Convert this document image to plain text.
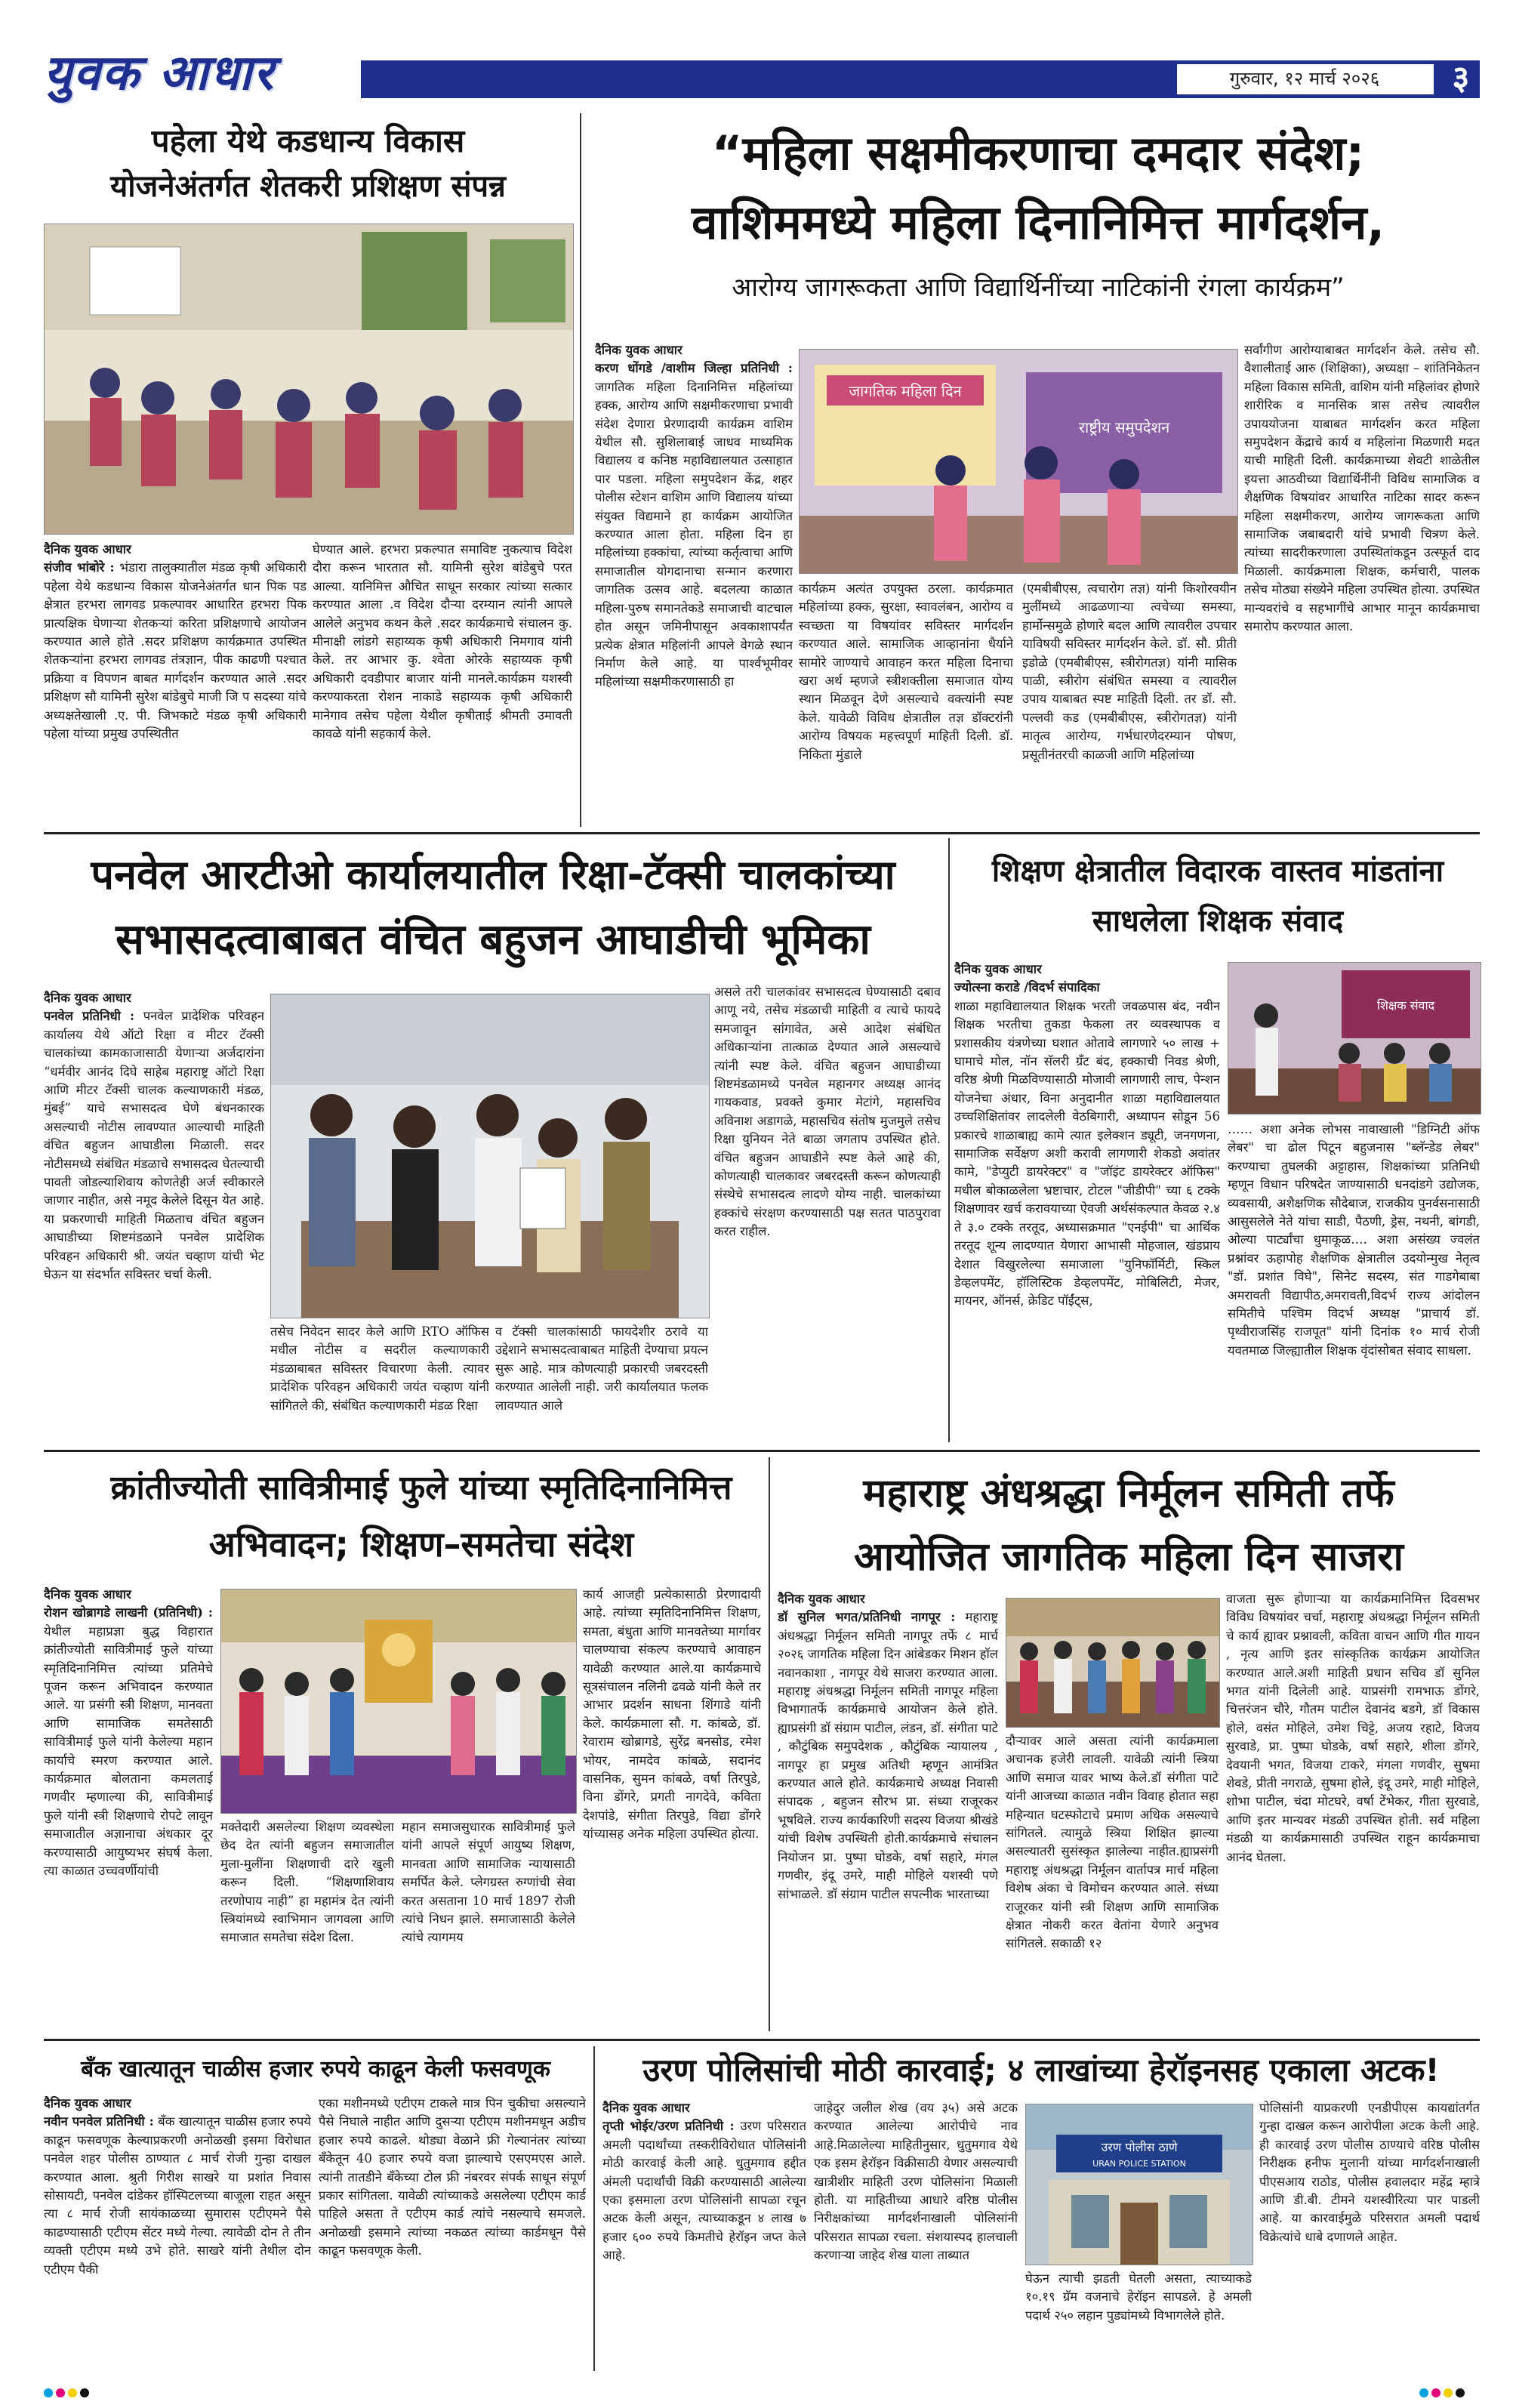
युवक आधार	गुरुवार, १२ मार्च २०२६	३
पहेला येथे कडधान्य विकास
योजनेअंतर्गत शेतकरी प्रशिक्षण संपन्न
दैनिक युवक आधार
संजीव भांबोरे : भंडारा तालुक्यातील मंडळ कृषी अधिकारी पहेला येथे कडधान्य विकास योजनेअंतर्गत धान पिक पड क्षेत्रात हरभरा लागवड प्रकल्पावर आधारित हरभरा पिक प्रात्यक्षिक घेणाऱ्या शेतकऱ्यां करिता प्रशिक्षणाचे आयोजन करण्यात आले होते .सदर प्रशिक्षण कार्यक्रमात उपस्थित शेतकऱ्यांना हरभरा लागवड तंत्रज्ञान, पीक काढणी पश्चात प्रक्रिया व विपणन बाबत मार्गदर्शन करण्यात आले .सदर प्रशिक्षण सौ यामिनी सुरेश बांडेबुचे माजी जि प सदस्या यांचे अध्यक्षतेखाली .ए. पी. जिभकाटे मंडळ कृषी अधिकारी पहेला यांच्या प्रमुख उपस्थितीत
घेण्यात आले. हरभरा प्रकल्पात समाविष्ट नुकत्याच विदेश दौरा करून भारतात सौ. यामिनी सुरेश बांडेबुचे परत आल्या. यानिमित्त औचित साधून सरकार त्यांच्या सत्कार करण्यात आला .व विदेश दौऱ्या दरम्यान त्यांनी आपले आलेले अनुभव कथन केले .सदर कार्यक्रमाचे संचालन कु. मीनाक्षी लांडगे सहाय्यक कृषी अधिकारी निमगाव यांनी केले. तर आभार कु. श्वेता ओरके सहाय्यक कृषी अधिकारी दवडीपार बाजार यांनी मानले.कार्यक्रम यशस्वी करण्याकरता रोशन नाकाडे सहाय्यक कृषी अधिकारी मानेगाव तसेच पहेला येथील कृषीताई श्रीमती उमावती कावळे यांनी सहकार्य केले.
“महिला सक्षमीकरणाचा दमदार संदेश;
वाशिममध्ये महिला दिनानिमित्त मार्गदर्शन,
आरोग्य जागरूकता आणि विद्यार्थिनींच्या नाटिकांनी रंगला कार्यक्रम”
दैनिक युवक आधार
करण धोंगडे /वाशीम जिल्हा प्रतिनिधी : जागतिक महिला दिनानिमित्त महिलांच्या हक्क, आरोग्य आणि सक्षमीकरणाचा प्रभावी संदेश देणारा प्रेरणादायी कार्यक्रम वाशिम येथील सौ. सुशिलाबाई जाधव माध्यमिक विद्यालय व कनिष्ठ महाविद्यालयात उत्साहात पार पडला. महिला समुपदेशन केंद्र, शहर पोलीस स्टेशन वाशिम आणि विद्यालय यांच्या संयुक्त विद्यमाने हा कार्यक्रम आयोजित करण्यात आला होता. महिला दिन हा महिलांच्या हक्कांचा, त्यांच्या कर्तृत्वाचा आणि समाजातील योगदानाचा सन्मान करणारा जागतिक उत्सव आहे. बदलत्या काळात महिला-पुरुष समानतेकडे समाजाची वाटचाल होत असून जमिनीपासून अवकाशापर्यंत प्रत्येक क्षेत्रात महिलांनी आपले वेगळे स्थान निर्माण केले आहे. या पार्श्वभूमीवर महिलांच्या सक्षमीकरणासाठी हा
जागतिक महिला दिन
राष्ट्रीय समुपदेशन
कार्यक्रम अत्यंत उपयुक्त ठरला. कार्यक्रमात महिलांच्या हक्क, सुरक्षा, स्वावलंबन, आरोग्य व स्वच्छता या विषयांवर सविस्तर मार्गदर्शन करण्यात आले. सामाजिक आव्हानांना धैर्याने सामोरे जाण्याचे आवाहन करत महिला दिनाचा खरा अर्थ म्हणजे स्त्रीशक्तीला समाजात योग्य स्थान मिळवून देणे असल्याचे वक्त्यांनी स्पष्ट केले. यावेळी विविध क्षेत्रातील तज्ञ डॉक्टरांनी आरोग्य विषयक महत्त्वपूर्ण माहिती दिली. डॉ. निकिता मुंडाले
(एमबीबीएस, त्वचारोग तज्ञ) यांनी किशोरवयीन मुलींमध्ये आढळणाऱ्या त्वचेच्या समस्या, हार्मोन्समुळे होणारे बदल आणि त्यावरील उपचार याविषयी सविस्तर मार्गदर्शन केले. डॉ. सौ. प्रीती इडोळे (एमबीबीएस, स्त्रीरोगतज्ञ) यांनी मासिक पाळी, स्त्रीरोग संबंधित समस्या व त्यावरील उपाय याबाबत स्पष्ट माहिती दिली. तर डॉ. सौ. पल्लवी कड (एमबीबीएस, स्त्रीरोगतज्ञ) यांनी मातृत्व आरोग्य, गर्भधारणेदरम्यान पोषण, प्रसूतीनंतरची काळजी आणि महिलांच्या
सर्वांगीण आरोग्याबाबत मार्गदर्शन केले. तसेच सौ. वैशालीताई आरु (शिक्षिका), अध्यक्षा – शांतिनिकेतन महिला विकास समिती, वाशिम यांनी महिलांवर होणारे शारीरिक व मानसिक त्रास तसेच त्यावरील उपाययोजना याबाबत मार्गदर्शन करत महिला समुपदेशन केंद्राचे कार्य व महिलांना मिळणारी मदत याची माहिती दिली. कार्यक्रमाच्या शेवटी शाळेतील इयत्ता आठवीच्या विद्यार्थिनींनी विविध सामाजिक व शैक्षणिक विषयांवर आधारित नाटिका सादर करून महिला सक्षमीकरण, आरोग्य जागरूकता आणि सामाजिक जबाबदारी यांचे प्रभावी चित्रण केले. त्यांच्या सादरीकरणाला उपस्थितांकडून उत्स्फूर्त दाद मिळाली. कार्यक्रमाला शिक्षक, कर्मचारी, पालक तसेच मोठ्या संख्येने महिला उपस्थित होत्या. उपस्थित मान्यवरांचे व सहभागींचे आभार मानून कार्यक्रमाचा समारोप करण्यात आला.
पनवेल आरटीओ कार्यालयातील रिक्षा-टॅक्सी चालकांच्या
सभासदत्वाबाबत वंचित बहुजन आघाडीची भूमिका
दैनिक युवक आधार
पनवेल प्रतिनिधी : पनवेल प्रादेशिक परिवहन कार्यालय येथे ऑटो रिक्षा व मीटर टॅक्सी चालकांच्या कामकाजासाठी येणाऱ्या अर्जदारांना “धर्मवीर आनंद दिघे साहेब महाराष्ट्र ऑटो रिक्षा आणि मीटर टॅक्सी चालक कल्याणकारी मंडळ, मुंबई” याचे सभासदत्व घेणे बंधनकारक असल्याची नोटीस लावण्यात आल्याची माहिती वंचित बहुजन आघाडीला मिळाली. सदर नोटीसमध्ये संबंधित मंडळाचे सभासदत्व घेतल्याची पावती जोडल्याशिवाय कोणतेही अर्ज स्वीकारले जाणार नाहीत, असे नमूद केलेले दिसून येत आहे. या प्रकरणाची माहिती मिळताच वंचित बहुजन आघाडीच्या शिष्टमंडळाने पनवेल प्रादेशिक परिवहन अधिकारी श्री. जयंत चव्हाण यांची भेट घेऊन या संदर्भात सविस्तर चर्चा केली.
तसेच निवेदन सादर केले आणि RTO ऑफिस मधील नोटीस व सदरील कल्याणकारी मंडळाबाबत सविस्तर विचारणा केली. त्यावर प्रादेशिक परिवहन अधिकारी जयंत चव्हाण यांनी सांगितले की, संबंधित कल्याणकारी मंडळ रिक्षा
व टॅक्सी चालकांसाठी फायदेशीर ठरावे या उद्देशाने सभासदत्वाबाबत माहिती देण्याचा प्रयत्न सुरू आहे. मात्र कोणत्याही प्रकारची जबरदस्ती करण्यात आलेली नाही. जरी कार्यालयात फलक लावण्यात आले
असले तरी चालकांवर सभासदत्व घेण्यासाठी दबाव आणू नये, तसेच मंडळाची माहिती व त्याचे फायदे समजावून सांगावेत, असे आदेश संबंधित अधिकाऱ्यांना तात्काळ देण्यात आले असल्याचे त्यांनी स्पष्ट केले. वंचित बहुजन आघाडीच्या शिष्टमंडळामध्ये पनवेल महानगर अध्यक्ष आनंद गायकवाड, प्रवक्ते कुमार मेटांगे, महासचिव अविनाश अडागळे, महासचिव संतोष मुजमुले तसेच रिक्षा युनियन नेते बाळा जगताप उपस्थित होते. वंचित बहुजन आघाडीने स्पष्ट केले आहे की, कोणत्याही चालकावर जबरदस्ती करून कोणत्याही संस्थेचे सभासदत्व लादणे योग्य नाही. चालकांच्या हक्कांचे संरक्षण करण्यासाठी पक्ष सतत पाठपुरावा करत राहील.
शिक्षण क्षेत्रातील विदारक वास्तव मांडतांना
साधलेला शिक्षक संवाद
दैनिक युवक आधार
ज्योत्स्ना कराडे /विदर्भ संपादिका
शाळा महाविद्यालयात शिक्षक भरती जवळपास बंद, नवीन शिक्षक भरतीचा तुकडा फेकला तर व्यवस्थापक व प्रशासकीय यंत्रणेच्या घशात ओतावे लागणारे ५० लाख + घामाचे मोल, नॉन सॅलरी ग्रॅंट बंद, हक्काची निवड श्रेणी, वरिष्ठ श्रेणी मिळविण्यासाठी मोजावी लागणारी लाच, पेन्शन योजनेचा अंधार, विना अनुदानीत शाळा महाविद्यालयात उच्चशिक्षितांवर लादलेली वेठबिगारी, अध्यापन सोडून 56 प्रकारचे शाळाबाह्य कामे त्यात इलेक्शन ड्यूटी, जनगणना, सामाजिक सर्वेक्षण अशी करावी लागणारी शेकडो अवांतर कामे, "डेप्युटी डायरेक्टर" व "जॉइंट डायरेक्टर ऑफिस" मधील बोकाळलेला भ्रष्टाचार, टोटल "जीडीपी" च्या ६ टक्के शिक्षणावर खर्च करावयाच्या ऐवजी अर्थसंकल्पात केवळ २.४ ते ३.० टक्के तरतूद, अध्यासक्रमात "एनईपी" चा आर्थिक तरतूद शून्य लादण्यात येणारा आभासी मोहजाल, खंडप्राय देशात विखुरलेल्या समाजाला "युनिफॉर्मिटी, स्किल डेव्हलपमेंट, हॉलिस्टिक डेव्हलपमेंट, मोबिलिटी, मेजर, मायनर, ऑनर्स, क्रेडिट पॉईंट्स,
शिक्षक संवाद
…… अशा अनेक लोभस नावाखाली "डिग्निटी ऑफ लेबर" चा ढोल पिटून बहुजनास "ब्लॅन्डेड लेबर" करण्याचा तुघलकी अट्टाहास, शिक्षकांच्या प्रतिनिधी म्हणून विधान परिषदेत जाण्यासाठी धनदांडगे उद्योजक, व्यवसायी, अशैक्षणिक सौदेबाज, राजकीय पुनर्वसनासाठी आसुसलेले नेते यांचा साडी, पैठणी, ड्रेस, नथनी, बांगडी, ओल्या पार्ट्यांचा धुमाकूळ…. अशा असंख्य ज्वलंत प्रश्नांवर ऊहापोह शैक्षणिक क्षेत्रातील उदयोन्मुख नेतृत्व "डॉ. प्रशांत विघे", सिनेट सदस्य, संत गाडगेबाबा अमरावती विद्यापीठ,अमरावती,विदर्भ राज्य आंदोलन समितीचे पश्चिम विदर्भ अध्यक्ष "प्राचार्य डॉ. पृथ्वीराजसिंह राजपूत" यांनी दिनांक १० मार्च रोजी यवतमाळ जिल्ह्यातील शिक्षक वृंदांसोबत संवाद साधला.
क्रांतीज्योती सावित्रीमाई फुले यांच्या स्मृतिदिनानिमित्त
अभिवादन; शिक्षण–समतेचा संदेश
दैनिक युवक आधार
रोशन खोब्रागडे लाखनी (प्रतिनिधी) : येथील महाप्रज्ञा बुद्ध विहारात क्रांतीज्योती सावित्रीमाई फुले यांच्या स्मृतिदिनानिमित्त त्यांच्या प्रतिमेचे पूजन करून अभिवादन करण्यात आले. या प्रसंगी स्त्री शिक्षण, मानवता आणि सामाजिक समतेसाठी सावित्रीमाई फुले यांनी केलेल्या महान कार्याचे स्मरण करण्यात आले. कार्यक्रमात बोलताना कमलताई गणवीर म्हणाल्या की, सावित्रीमाई फुले यांनी स्त्री शिक्षणाचे रोपटे लावून समाजातील अज्ञानाचा अंधकार दूर करण्यासाठी आयुष्यभर संघर्ष केला. त्या काळात उच्चवर्णीयांची
मक्तेदारी असलेल्या शिक्षण व्यवस्थेला छेद देत त्यांनी बहुजन समाजातील मुला-मुलींना शिक्षणाची दारे खुली करून दिली. “शिक्षणाशिवाय तरणोपाय नाही” हा महामंत्र देत त्यांनी स्त्रियांमध्ये स्वाभिमान जागवला आणि समाजात समतेचा संदेश दिला.
महान समाजसुधारक सावित्रीमाई फुले यांनी आपले संपूर्ण आयुष्य शिक्षण, मानवता आणि सामाजिक न्यायासाठी समर्पित केले. प्लेगग्रस्त रुग्णांची सेवा करत असताना 10 मार्च 1897 रोजी त्यांचे निधन झाले. समाजासाठी केलेले त्यांचे त्यागमय
कार्य आजही प्रत्येकासाठी प्रेरणादायी आहे. त्यांच्या स्मृतिदिनानिमित्त शिक्षण, समता, बंधुता आणि मानवतेच्या मार्गावर चालण्याचा संकल्प करण्याचे आवाहन यावेळी करण्यात आले.या कार्यक्रमाचे सूत्रसंचालन नलिनी ढवळे यांनी केले तर आभार प्रदर्शन साधना शिंगाडे यांनी केले. कार्यक्रमाला सौ. ग. कांबळे, डॉ. रेवाराम खोब्रागडे, सुरेंद्र बनसोड, रमेश भोयर, नामदेव कांबळे, सदानंद वासनिक, सुमन कांबळे, वर्षा तिरपुडे, विना डोंगरे, प्रगती नागदेवे, कविता देशपांडे, संगीता तिरपुडे, विद्या डोंगरे यांच्यासह अनेक महिला उपस्थित होत्या.
महाराष्ट्र अंधश्रद्धा निर्मूलन समिती तर्फे
आयोजित जागतिक महिला दिन साजरा
दैनिक युवक आधार
डॉ सुनिल भगत/प्रतिनिधी नागपूर : महाराष्ट्र अंधश्रद्धा निर्मूलन समिती नागपूर तर्फे ८ मार्च २०२६ जागतिक महिला दिन आंबेडकर मिशन हॉल नवानकाशा , नागपूर येथे साजरा करण्यात आला. महाराष्ट्र अंधश्रद्धा निर्मूलन समिती नागपूर महिला विभागातर्फे कार्यक्रमाचे आयोजन केले होते. ह्याप्रसंगी डॉ संग्राम पाटील, लंडन, डॉ. संगीता पाटे , कौटुंबिक समुपदेशक , कौटुंबिक न्यायालय , नागपूर हा प्रमुख अतिथी म्हणून आमंत्रित करण्यात आले होते. कार्यक्रमाचे अध्यक्ष निवासी संपादक , बहुजन सौरभ प्रा. संध्या राजूरकर भूषविले. राज्य कार्यकारिणी सदस्य विजया श्रीखंडे यांची विशेष उपस्थिती होती.कार्यक्रमाचे संचालन नियोजन प्रा. पुष्पा घोडके, वर्षा सहारे, मंगल गणवीर, इंदू उमरे, माही मोहिले यशस्वी पणे सांभाळले. डॉ संग्राम पाटील सपत्नीक भारताच्या
दौऱ्यावर आले असता त्यांनी कार्यक्रमाला अचानक हजेरी लावली. यावेळी त्यांनी स्त्रिया आणि समाज यावर भाष्य केले.डॉ संगीता पाटे यांनी आजच्या काळात नवीन विवाह होतात सहा महिन्यात घटस्फोटाचे प्रमाण अधिक असल्याचे सांगितले. त्यामुळे स्त्रिया शिक्षित झाल्या असल्यातरी सुसंस्कृत झालेल्या नाहीत.ह्याप्रसंगी महाराष्ट्र अंधश्रद्धा निर्मूलन वार्तापत्र मार्च महिला विशेष अंका चे विमोचन करण्यात आले. संध्या राजूरकर यांनी स्त्री शिक्षण आणि सामाजिक क्षेत्रात नोकरी करत वेतांना येणारे अनुभव सांगितले. सकाळी १२
वाजता सुरू होणाऱ्या या कार्यक्रमानिमित्त दिवसभर विविध विषयांवर चर्चा, महाराष्ट्र अंधश्रद्धा निर्मूलन समिती चे कार्य ह्यावर प्रश्नावली, कविता वाचन आणि गीत गायन , नृत्य आणि इतर सांस्कृतिक कार्यक्रम आयोजित करण्यात आले.अशी माहिती प्रधान सचिव डॉ सुनिल भगत यांनी दिलेली आहे. याप्रसंगी रामभाऊ डोंगरे, चित्तरंजन चौरे, गौतम पाटील देवानंद बडगे, डॉ विकास होले, वसंत मोहिले, उमेश चिट्टे, अजय रहाटे, विजय सुरवाडे, प्रा. पुष्पा घोडके, वर्षा सहारे, शीला डोंगरे, देवयानी भगत, विजया टाकरे, मंगला गणवीर, सुषमा शेवडे, प्रीती नगराळे, सुषमा होले, इंदू उमरे, माही मोहिले, शोभा पाटील, चंदा मोटघरे, वर्षा टेंभेकर, गीता सुरवाडे, आणि इतर मान्यवर मंडळी उपस्थित होती. सर्व महिला मंडळी या कार्यक्रमासाठी उपस्थित राहून कार्यक्रमाचा आनंद घेतला.
बँक खात्यातून चाळीस हजार रुपये काढून केली फसवणूक
दैनिक युवक आधार
नवीन पनवेल प्रतिनिधी : बँक खात्यातून चाळीस हजार रुपये काढून फसवणूक केल्याप्रकरणी अनोळखी इसमा विरोधात पनवेल शहर पोलीस ठाण्यात ८ मार्च रोजी गुन्हा दाखल करण्यात आला. श्रुती गिरीश साखरे या प्रशांत निवास सोसायटी, पनवेल दांडेकर हॉस्पिटलच्या बाजूला राहत असून त्या ८ मार्च रोजी सायंकाळच्या सुमारास एटीएमने पैसे काढण्यासाठी एटीएम सेंटर मध्ये गेल्या. त्यावेळी दोन ते तीन व्यक्ती एटीएम मध्ये उभे होते. साखरे यांनी तेथील दोन एटीएम पैकी
एका मशीनमध्ये एटीएम टाकले मात्र पिन चुकीचा असल्याने पैसे निघाले नाहीत आणि दुसऱ्या एटीएम मशीनमधून अडीच हजार रुपये काढले. थोड्या वेळाने फ्री गेल्यानंतर त्यांच्या बँकेतून 40 हजार रुपये वजा झाल्याचे एसएमएस आले. त्यांनी तातडीने बँकेच्या टोल फ्री नंबरवर संपर्क साधून संपूर्ण प्रकार सांगितला. यावेळी त्यांच्याकडे असलेल्या एटीएम कार्ड पाहिले असता ते एटीएम कार्ड त्यांचे नसल्याचे समजले. अनोळखी इसमाने त्यांच्या नकळत त्यांच्या कार्डमधून पैसे काढून फसवणूक केली.
उरण पोलिसांची मोठी कारवाई; ४ लाखांच्या हेरॉइनसह एकाला अटक!
दैनिक युवक आधार
तृप्ती भोईर/उरण प्रतिनिधी : उरण परिसरात अमली पदार्थांच्या तस्करीविरोधात पोलिसांनी मोठी कारवाई केली आहे. धुतुमगाव हद्दीत अंमली पदार्थांची विक्री करण्यासाठी आलेल्या एका इसमाला उरण पोलिसांनी सापळा रचून अटक केली असून, त्याच्याकडून ४ लाख ७ हजार ६०० रुपये किमतीचे हेरॉइन जप्त केले आहे.
जाहेदुर जलील शेख (वय ३५) असे अटक करण्यात आलेल्या आरोपीचे नाव आहे.मिळालेल्या माहितीनुसार, धुतुमगाव येथे एक इसम हेरॉइन विक्रीसाठी येणार असल्याची खात्रीशीर माहिती उरण पोलिसांना मिळाली होती. या माहितीच्या आधारे वरिष्ठ पोलीस निरीक्षकांच्या मार्गदर्शनाखाली पोलिसांनी परिसरात सापळा रचला. संशयास्पद हालचाली करणाऱ्या जाहेद शेख याला ताब्यात
उरण पोलीस ठाणे
URAN POLICE STATION
घेऊन त्याची झडती घेतली असता, त्याच्याकडे १०.१९ ग्रॅम वजनाचे हेरॉइन सापडले. हे अमली पदार्थ २५० लहान पुड्यांमध्ये विभागलेले होते.
पोलिसांनी याप्रकरणी एनडीपीएस कायद्यांतर्गत गुन्हा दाखल करून आरोपीला अटक केली आहे. ही कारवाई उरण पोलीस ठाण्याचे वरिष्ठ पोलीस निरीक्षक हनीफ मुलानी यांच्या मार्गदर्शनाखाली पीएसआय राठोड, पोलीस हवालदार महेंद्र म्हात्रे आणि डी.बी. टीमने यशस्वीरित्या पार पाडली आहे. या कारवाईमुळे परिसरात अमली पदार्थ विक्रेत्यांचे धाबे दणाणले आहेत.
